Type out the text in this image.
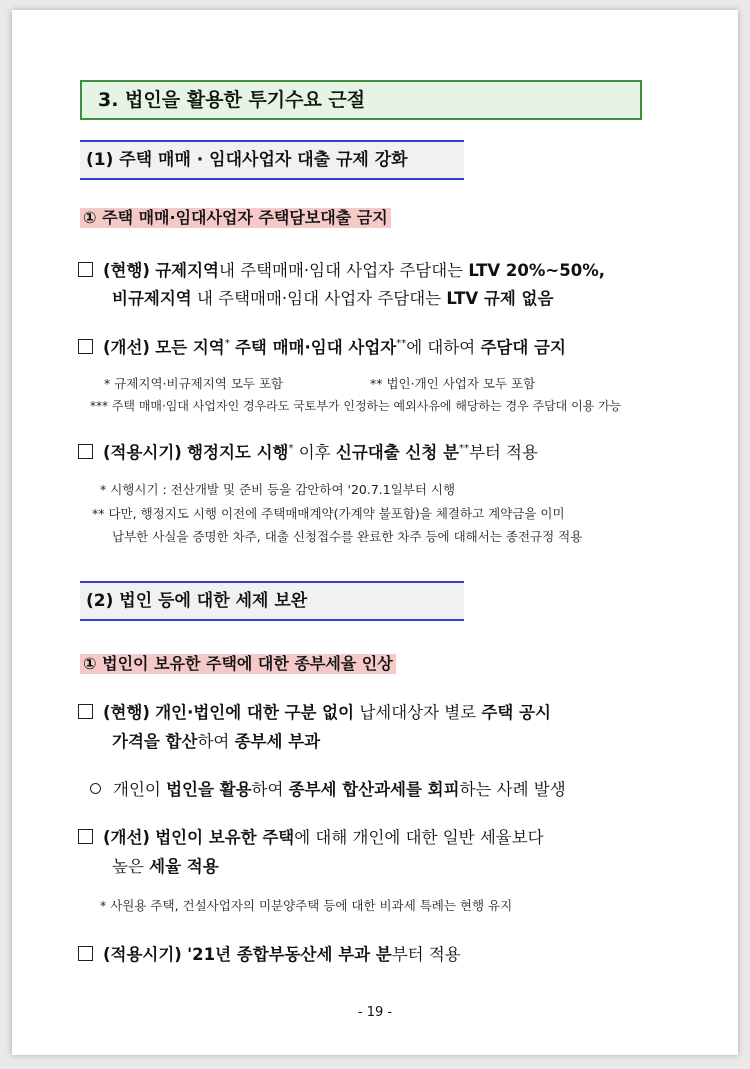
3. 법인을 활용한 투기수요 근절
(1) 주택 매매 · 임대사업자 대출 규제 강화
① 주택 매매·임대사업자 주택담보대출 금지
(현행) 규제지역내 주택매매·임대 사업자 주담대는 LTV 20%~50%,
비규제지역 내 주택매매·임대 사업자 주담대는 LTV 규제 없음
(개선) 모든 지역* 주택 매매·임대 사업자**에 대하여 주담대 금지
* 규제지역·비규제지역 모두 포함	** 법인·개인 사업자 모두 포함
*** 주택 매매·임대 사업자인 경우라도 국토부가 인정하는 예외사유에 해당하는 경우 주담대 이용 가능
(적용시기) 행정지도 시행* 이후 신규대출 신청 분**부터 적용
* 시행시기 : 전산개발 및 준비 등을 감안하여 '20.7.1일부터 시행
** 다만, 행정지도 시행 이전에 주택매매계약(가계약 불포함)을 체결하고 계약금을 이미
납부한 사실을 증명한 차주, 대출 신청접수를 완료한 차주 등에 대해서는 종전규정 적용
(2) 법인 등에 대한 세제 보완
① 법인이 보유한 주택에 대한 종부세율 인상
(현행) 개인·법인에 대한 구분 없이 납세대상자 별로 주택 공시
가격을 합산하여 종부세 부과
개인이 법인을 활용하여 종부세 합산과세를 회피하는 사례 발생
(개선) 법인이 보유한 주택에 대해 개인에 대한 일반 세율보다
높은 세율 적용
* 사원용 주택, 건설사업자의 미분양주택 등에 대한 비과세 특례는 현행 유지
(적용시기) '21년 종합부동산세 부과 분부터 적용
- 19 -
